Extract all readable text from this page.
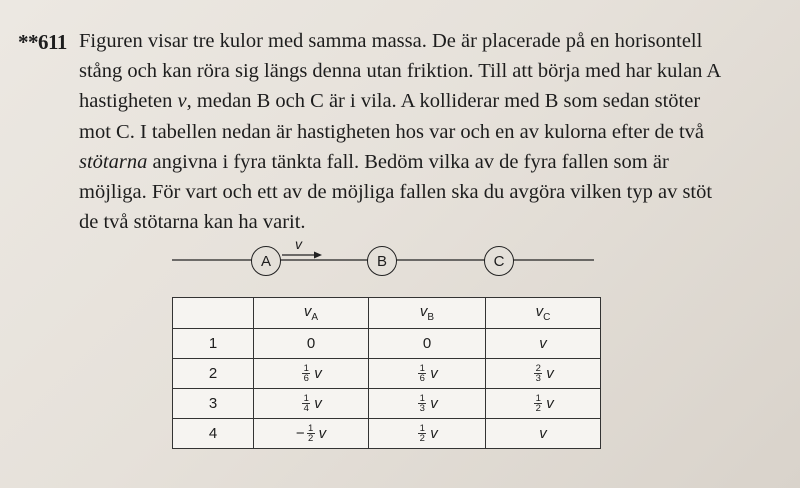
**611 Figuren visar tre kulor med samma massa. De är placerade på en horisontell
stång och kan röra sig längs denna utan friktion. Till att börja med har kulan A
hastigheten v, medan B och C är i vila. A kolliderar med B som sedan stöter
mot C. I tabellen nedan är hastigheten hos var och en av kulorna efter de två
stötarna angivna i fyra tänkta fall. Bedöm vilka av de fyra fallen som är
möjliga. För vart och ett av de möjliga fallen ska du avgöra vilken typ av stöt
de två stötarna kan ha varit.
v
A	B	C
	$v_A$	$v_B$	$v_C$
1	0	0	v
2	$\frac{1}{6}$ v	$\frac{1}{6}$ v	$\frac{2}{3}$ v
3	$\frac{1}{4}$ v	$\frac{1}{3}$ v	$\frac{1}{2}$ v
4	− $\frac{1}{2}$ v	$\frac{1}{2}$ v	v
